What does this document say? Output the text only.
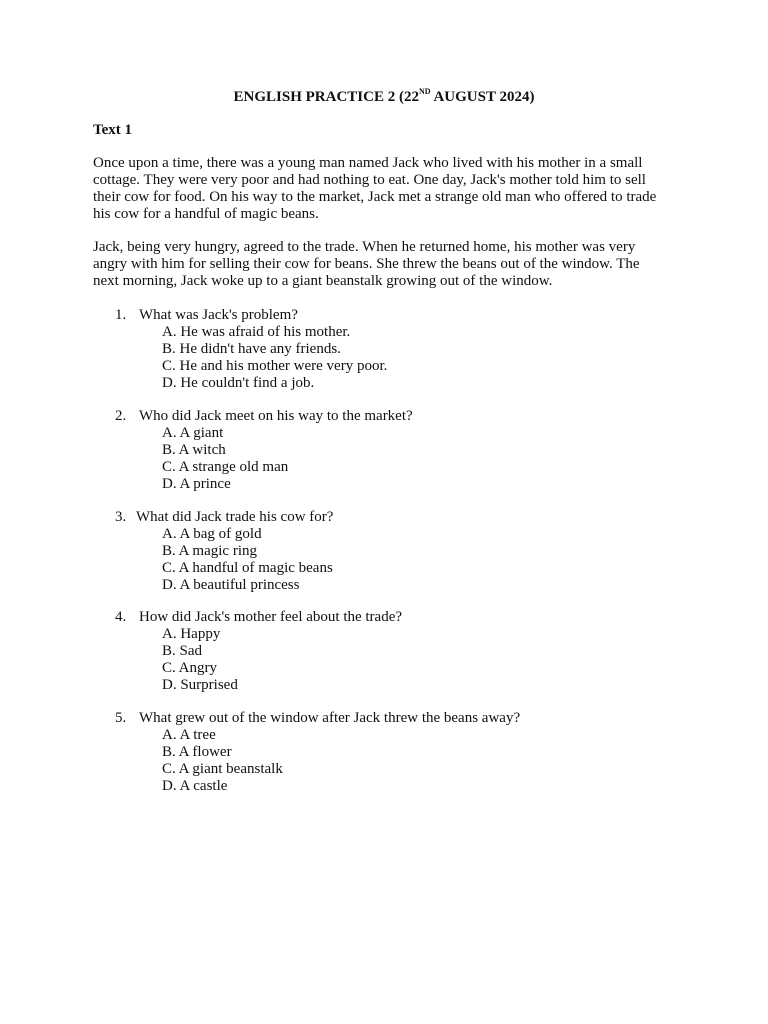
ENGLISH PRACTICE 2 (22ND AUGUST 2024)
Text 1
Once upon a time, there was a young man named Jack who lived with his mother in a small
cottage. They were very poor and had nothing to eat. One day, Jack's mother told him to sell
their cow for food. On his way to the market, Jack met a strange old man who offered to trade
his cow for a handful of magic beans.
Jack, being very hungry, agreed to the trade. When he returned home, his mother was very
angry with him for selling their cow for beans. She threw the beans out of the window. The
next morning, Jack woke up to a giant beanstalk growing out of the window.
1. What was Jack's problem?
A. He was afraid of his mother.
B. He didn't have any friends.
C. He and his mother were very poor.
D. He couldn't find a job.
2. Who did Jack meet on his way to the market?
A. A giant
B. A witch
C. A strange old man
D. A prince
3. What did Jack trade his cow for?
A. A bag of gold
B. A magic ring
C. A handful of magic beans
D. A beautiful princess
4. How did Jack's mother feel about the trade?
A. Happy
B. Sad
C. Angry
D. Surprised
5. What grew out of the window after Jack threw the beans away?
A. A tree
B. A flower
C. A giant beanstalk
D. A castle
